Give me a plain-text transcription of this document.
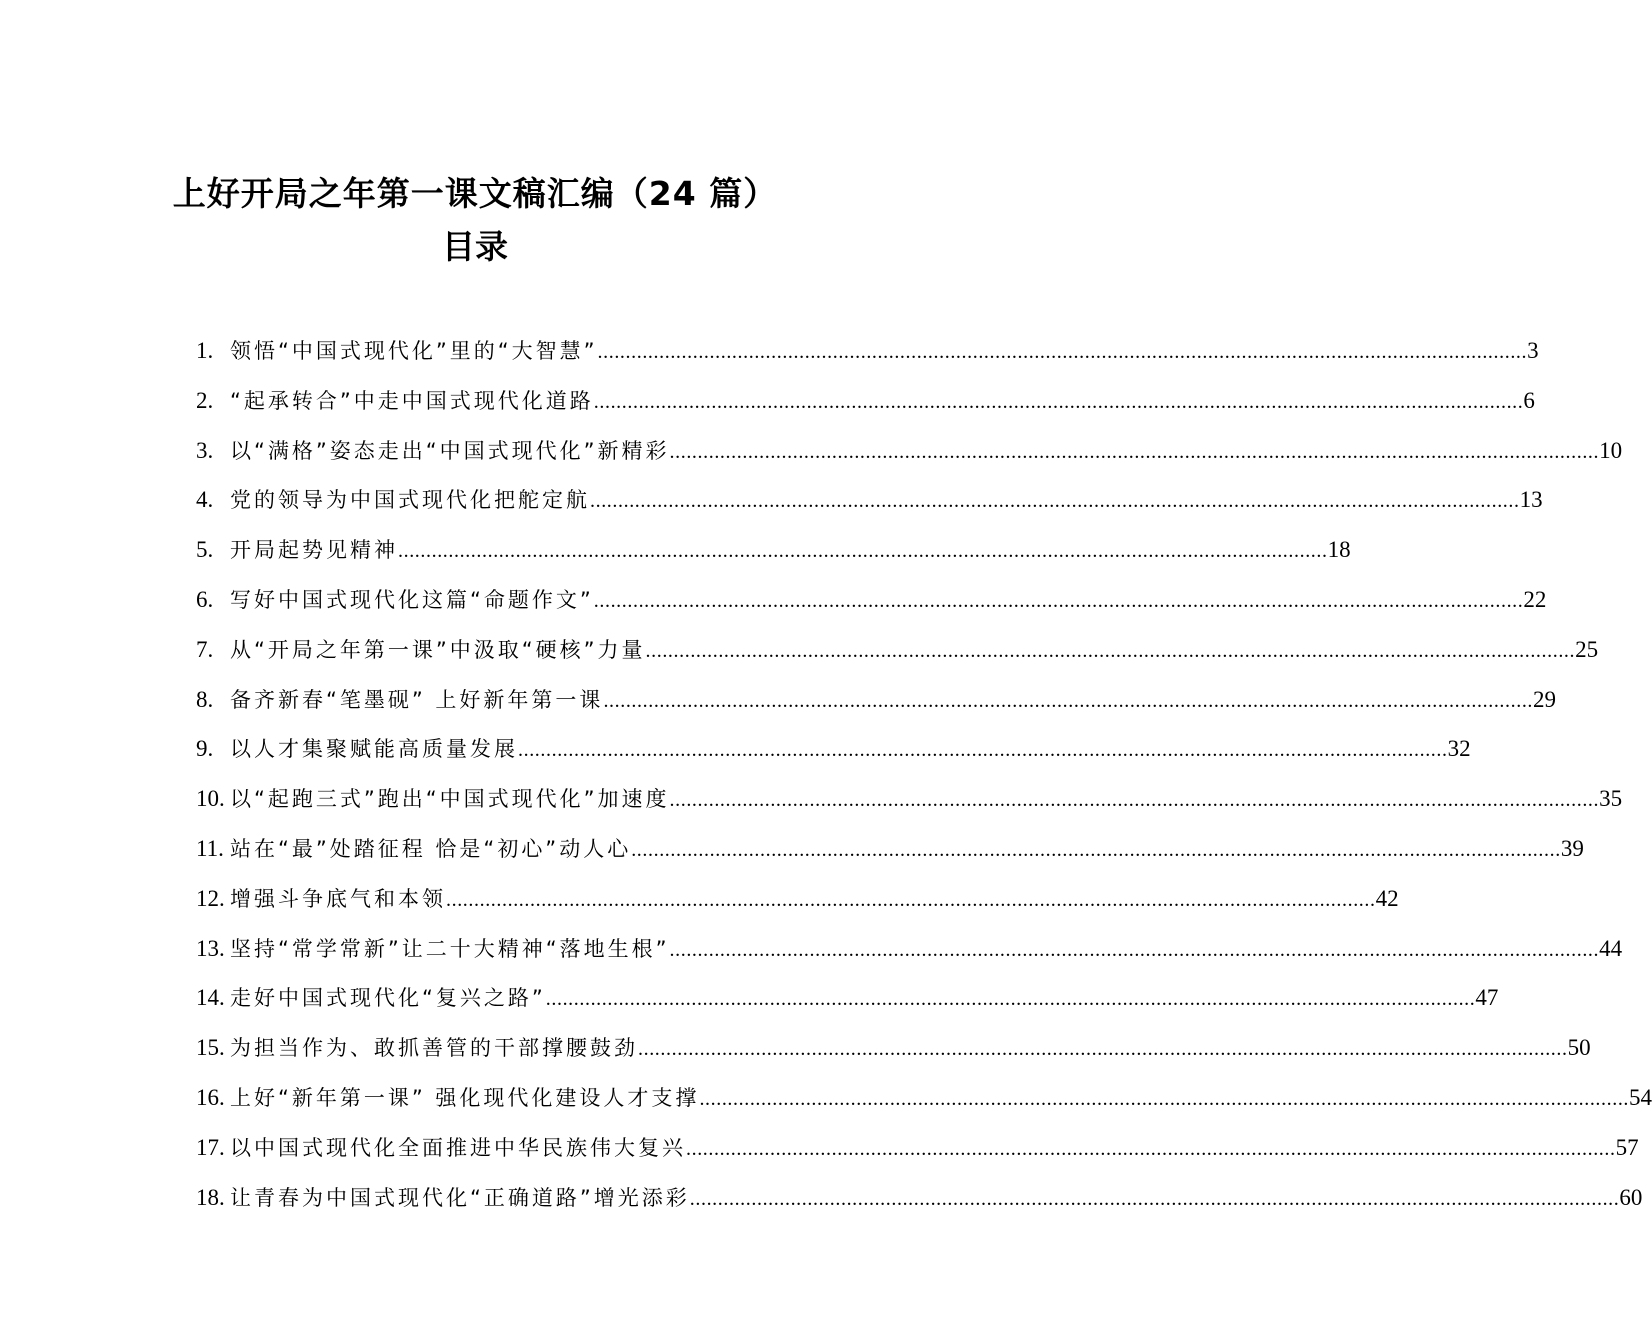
上好开局之年第一课文稿汇编（24 篇）
目录
1. 领悟“中国式现代化”里的“大智慧” .....	3
2. “起承转合”中走中国式现代化道路 .....	6
3. 以“满格”姿态走出“中国式现代化”新精彩 .....	10
4. 党的领导为中国式现代化把舵定航 .....	13
5. 开局起势见精神 .....	18
6. 写好中国式现代化这篇“命题作文” .....	22
7. 从“开局之年第一课”中汲取“硬核”力量 .....	25
8. 备齐新春“笔墨砚” 上好新年第一课 .....	29
9. 以人才集聚赋能高质量发展 .....	32
10. 以“起跑三式”跑出“中国式现代化”加速度 .....	35
11. 站在“最”处踏征程 恰是“初心”动人心 .....	39
12. 增强斗争底气和本领 .....	42
13. 坚持“常学常新”让二十大精神“落地生根” .....	44
14. 走好中国式现代化“复兴之路” .....	47
15. 为担当作为、敢抓善管的干部撑腰鼓劲 .....	50
16. 上好“新年第一课” 强化现代化建设人才支撑 .....	54
17. 以中国式现代化全面推进中华民族伟大复兴 .....	57
18. 让青春为中国式现代化“正确道路”增光添彩 .....	60
